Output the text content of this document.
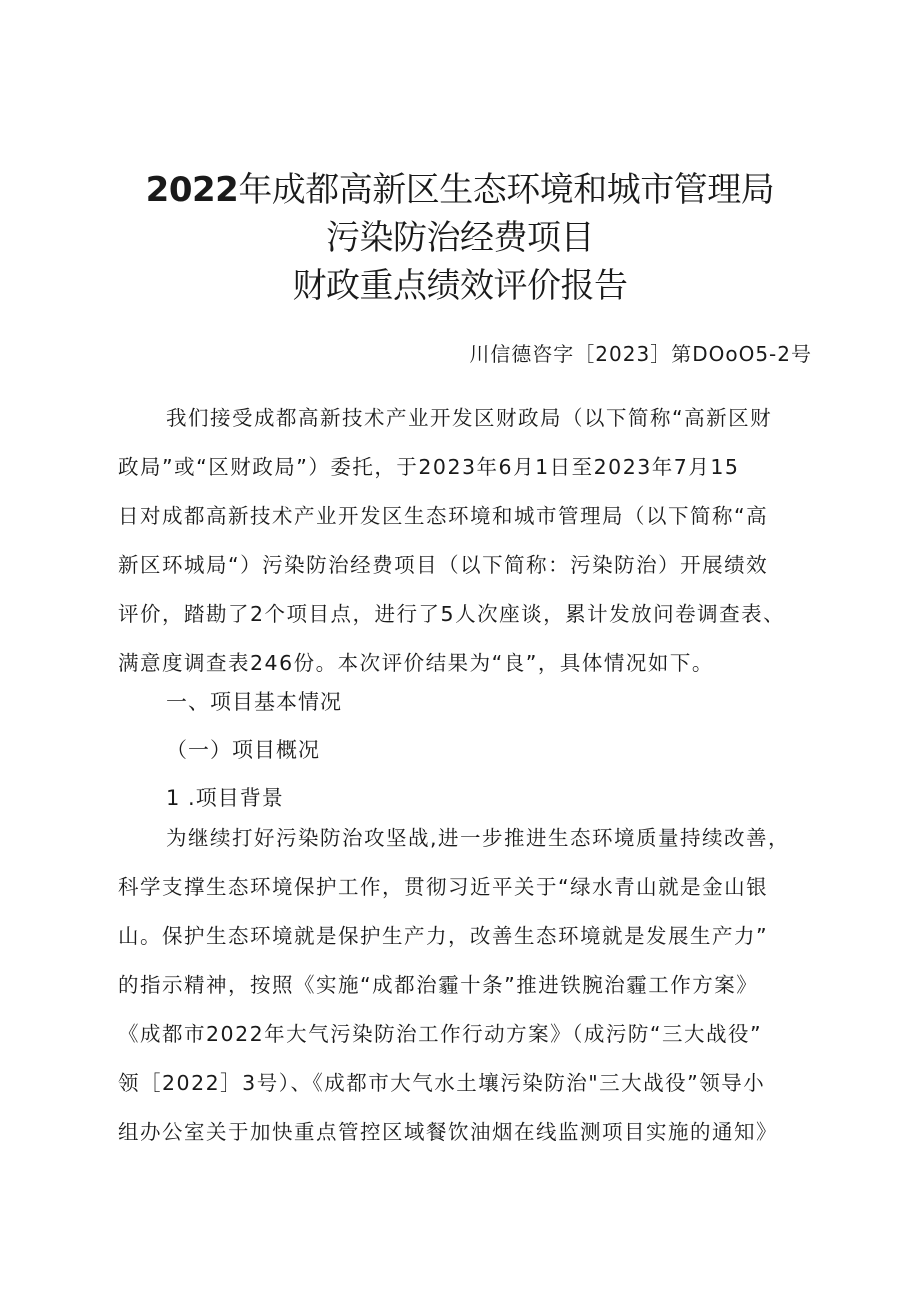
2022年成都高新区生态环境和城市管理局
污染防治经费项目
财政重点绩效评价报告
川信德咨字［2023］第DOoO5-2号
我们接受成都高新技术产业开发区财政局（以下简称“高新区财
政局”或“区财政局”）委托，于2023年6月1日至2023年7月15
日对成都高新技术产业开发区生态环境和城市管理局（以下简称“高
新区环城局“）污染防治经费项目（以下简称：污染防治）开展绩效
评价，踏勘了2个项目点，进行了5人次座谈，累计发放问卷调查表、
满意度调查表246份。本次评价结果为“良”，具体情况如下。
一、项目基本情况
（一）项目概况
1 .项目背景
为继续打好污染防治攻坚战,进一步推进生态环境质量持续改善，
科学支撑生态环境保护工作，贯彻习近平关于“绿水青山就是金山银
山。保护生态环境就是保护生产力，改善生态环境就是发展生产力”
的指示精神，按照《实施“成都治霾十条”推进铁腕治霾工作方案》
《成都市2022年大气污染防治工作行动方案》（成污防“三大战役”
领［2022］3号）、《成都市大气水土壤污染防治"三大战役”领导小
组办公室关于加快重点管控区域餐饮油烟在线监测项目实施的通知》
